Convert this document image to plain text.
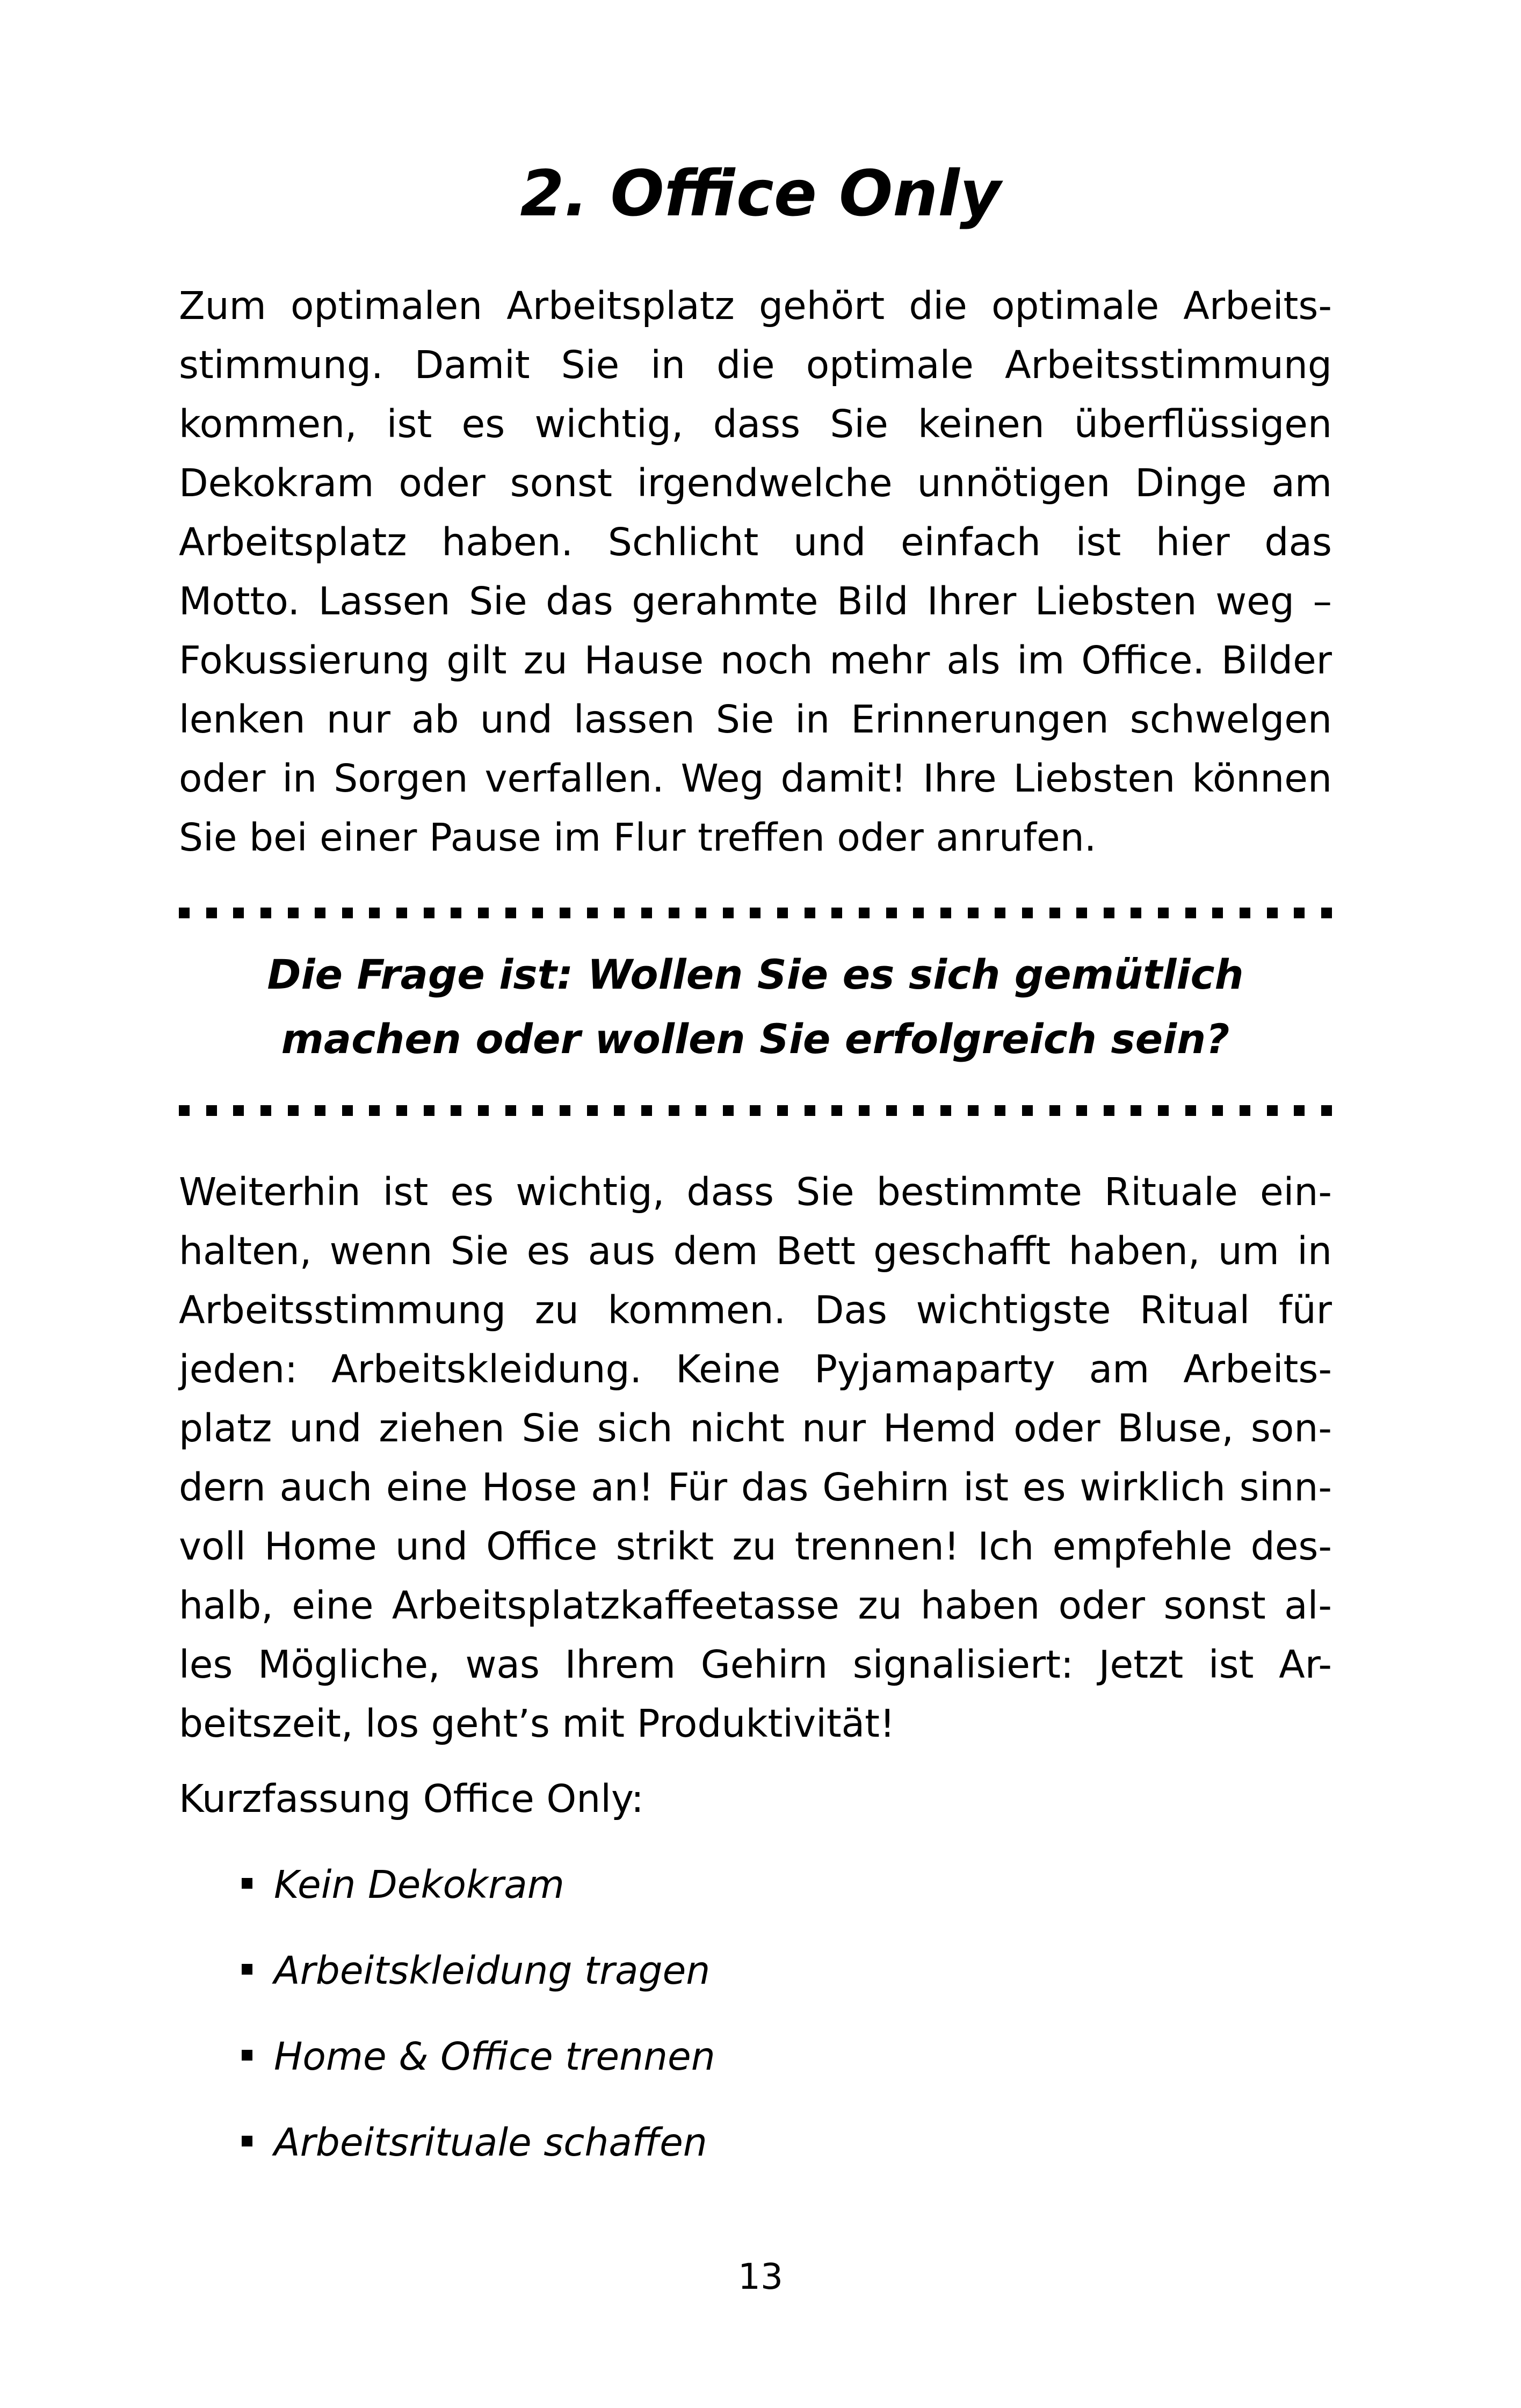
2. Office Only
Zum optimalen Arbeitsplatz gehört die optimale Arbeits-
stimmung. Damit Sie in die optimale Arbeitsstimmung
kommen, ist es wichtig, dass Sie keinen überflüssigen
Dekokram oder sonst irgendwelche unnötigen Dinge am
Arbeitsplatz haben. Schlicht und einfach ist hier das
Motto. Lassen Sie das gerahmte Bild Ihrer Liebsten weg –
Fokussierung gilt zu Hause noch mehr als im Office. Bilder
lenken nur ab und lassen Sie in Erinnerungen schwelgen
oder in Sorgen verfallen. Weg damit! Ihre Liebsten können
Sie bei einer Pause im Flur treffen oder anrufen.
Die Frage ist: Wollen Sie es sich gemütlich
machen oder wollen Sie erfolgreich sein?
Weiterhin ist es wichtig, dass Sie bestimmte Rituale ein-
halten, wenn Sie es aus dem Bett geschafft haben, um in
Arbeitsstimmung zu kommen. Das wichtigste Ritual für
jeden: Arbeitskleidung. Keine Pyjamaparty am Arbeits-
platz und ziehen Sie sich nicht nur Hemd oder Bluse, son-
dern auch eine Hose an! Für das Gehirn ist es wirklich sinn-
voll Home und Office strikt zu trennen! Ich empfehle des-
halb, eine Arbeitsplatzkaffeetasse zu haben oder sonst al-
les Mögliche, was Ihrem Gehirn signalisiert: Jetzt ist Ar-
beitszeit, los geht’s mit Produktivität!
Kurzfassung Office Only:
Kein Dekokram
Arbeitskleidung tragen
Home & Office trennen
Arbeitsrituale schaffen
13
